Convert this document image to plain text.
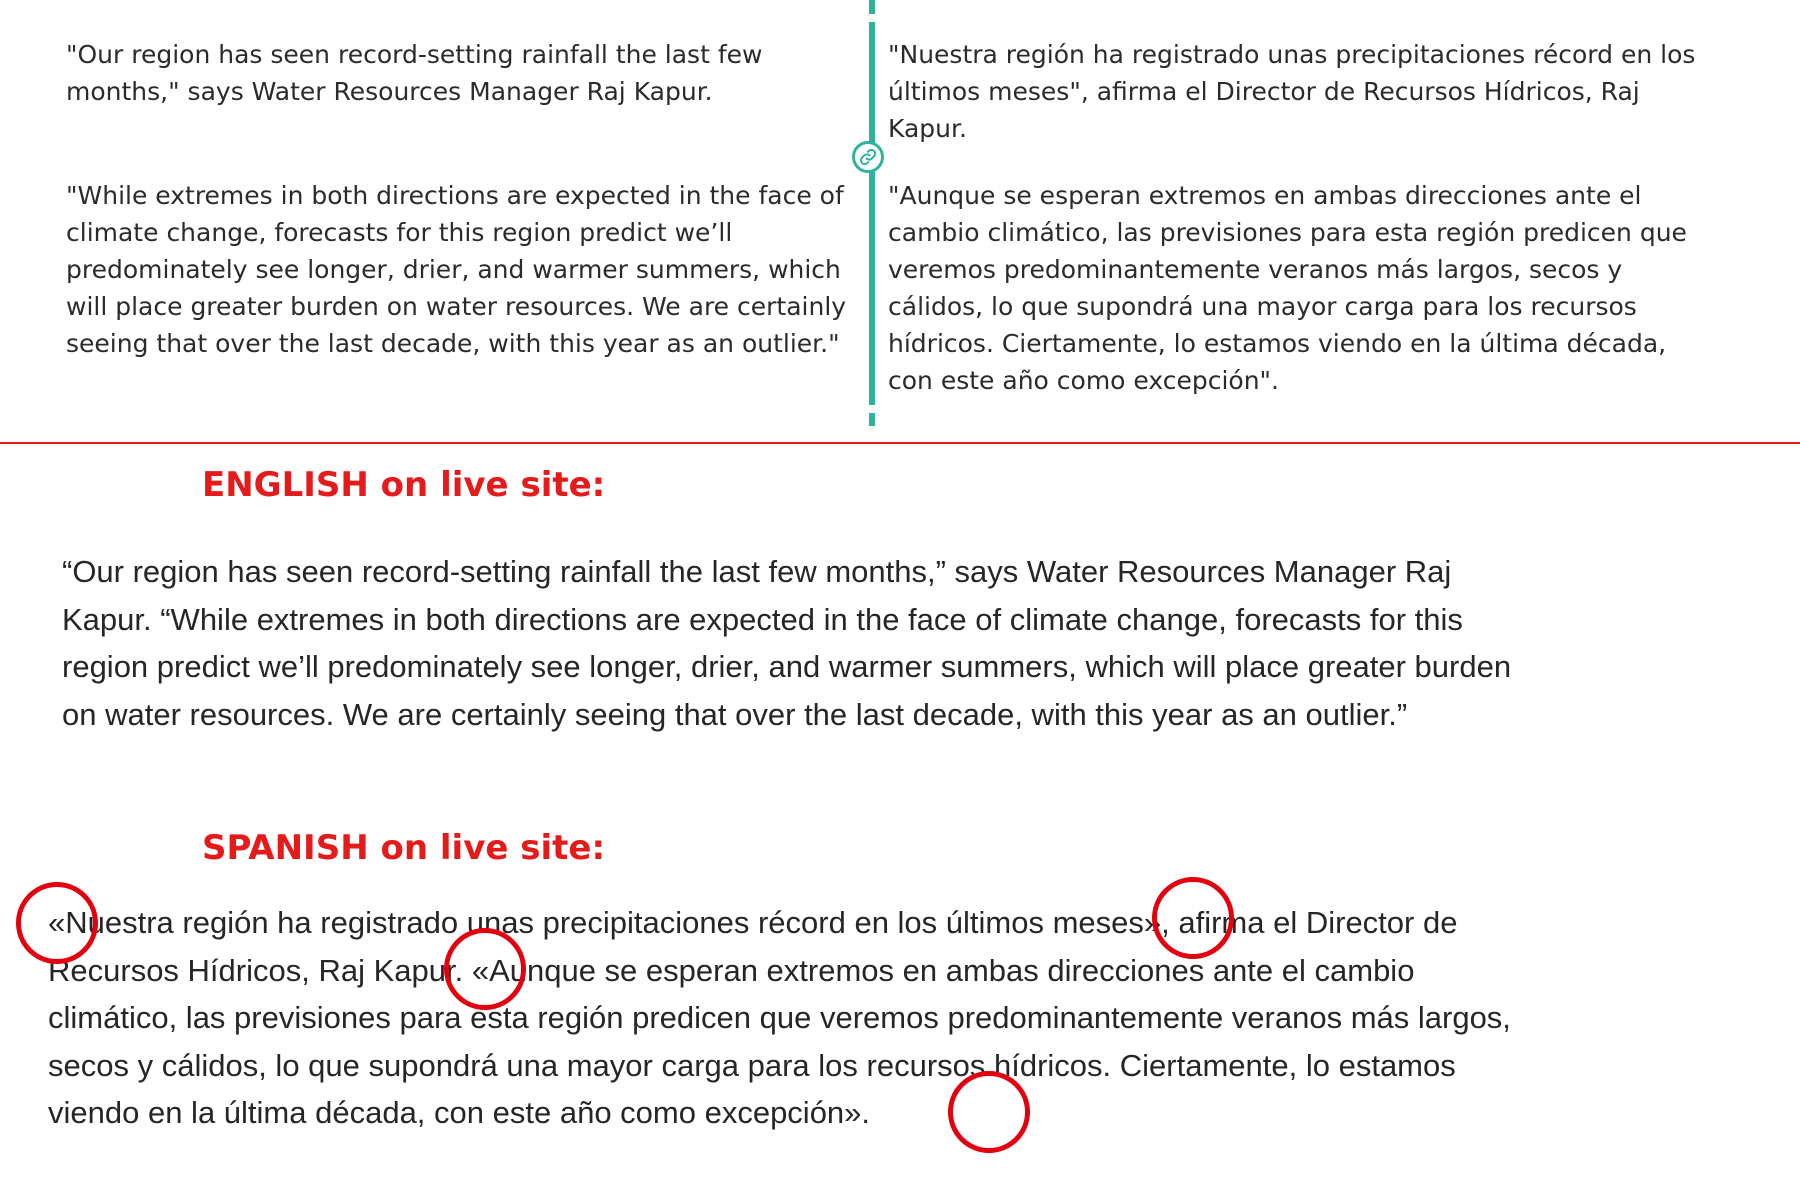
"Our region has seen record-setting rainfall the last few months," says Water Resources Manager Raj Kapur.

"Nuestra región ha registrado unas precipitaciones récord en los últimos meses", afirma el Director de Recursos Hídricos, Raj Kapur.

"While extremes in both directions are expected in the face of climate change, forecasts for this region predict we’ll predominately see longer, drier, and warmer summers, which will place greater burden on water resources. We are certainly seeing that over the last decade, with this year as an outlier."

"Aunque se esperan extremos en ambas direcciones ante el cambio climático, las previsiones para esta región predicen que veremos predominantemente veranos más largos, secos y cálidos, lo que supondrá una mayor carga para los recursos hídricos. Ciertamente, lo estamos viendo en la última década, con este año como excepción".

ENGLISH on live site:

“Our region has seen record-setting rainfall the last few months,” says Water Resources Manager Raj Kapur. “While extremes in both directions are expected in the face of climate change, forecasts for this region predict we’ll predominately see longer, drier, and warmer summers, which will place greater burden on water resources. We are certainly seeing that over the last decade, with this year as an outlier.”

SPANISH on live site:

«Nuestra región ha registrado unas precipitaciones récord en los últimos meses», afirma el Director de Recursos Hídricos, Raj Kapur. «Aunque se esperan extremos en ambas direcciones ante el cambio climático, las previsiones para esta región predicen que veremos predominantemente veranos más largos, secos y cálidos, lo que supondrá una mayor carga para los recursos hídricos. Ciertamente, lo estamos viendo en la última década, con este año como excepción».
